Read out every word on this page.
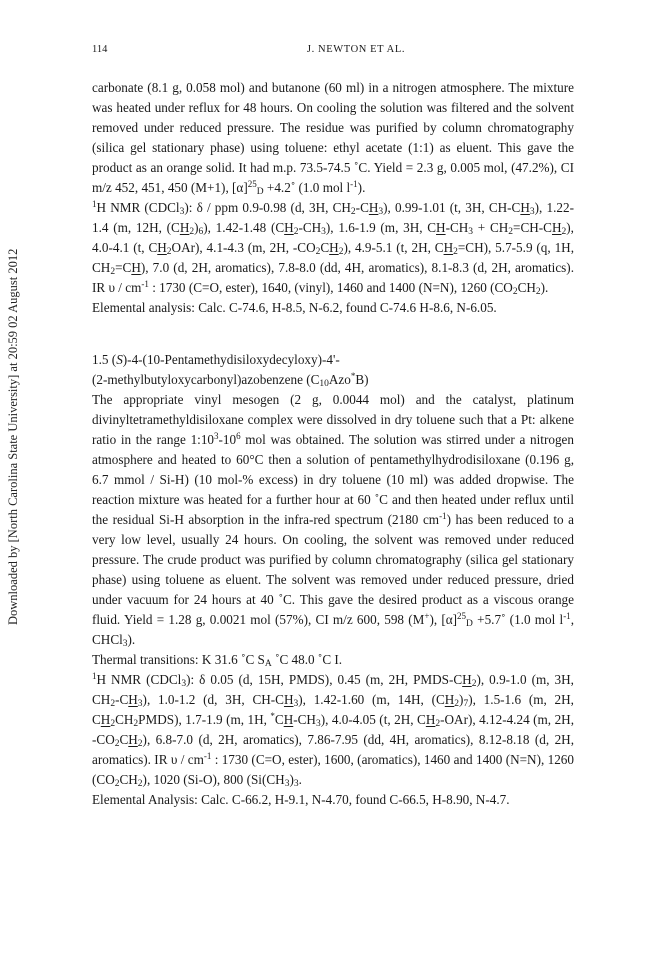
114	J. NEWTON ET AL.
Downloaded by [North Carolina State University] at 20:59 02 August 2012

carbonate (8.1 g, 0.058 mol) and butanone (60 ml) in a nitrogen atmosphere. The mixture was heated under reflux for 48 hours. On cooling the solution was filtered and the solvent removed under reduced pressure. The residue was purified by column chromatography (silica gel stationary phase) using toluene: ethyl acetate (1:1) as eluent. This gave the product as an orange solid. It had m.p. 73.5-74.5 ˚C. Yield = 2.3 g, 0.005 mol, (47.2%), CI m/z 452, 451, 450 (M+1), $[\alpha]^{25}_D$ +4.2˚ (1.0 mol $l^{-1}$).

$^1$H NMR (CDCl$_3$): δ / ppm 0.9-0.98 (d, 3H, $CH_2-CH_3$), 0.99-1.01 (t, 3H, $CH-CH_3$), 1.22-1.4 (m, 12H, $(CH_2)_6$), 1.42-1.48 $(CH_2-CH_3)$, 1.6-1.9 (m, 3H, $CH-CH_3 + CH_2=CH-CH_2$), 4.0-4.1 (t, $CH_2OAr$), 4.1-4.3 (m, 2H, $-CO_2CH_2$), 4.9-5.1 (t, 2H, $CH_2=CH$), 5.7-5.9 (q, 1H, $CH_2=CH$), 7.0 (d, 2H, aromatics), 7.8-8.0 (dd, 4H, aromatics), 8.1-8.3 (d, 2H, aromatics). IR υ / $cm^{-1}$ : 1730 (C=O, ester), 1640, (vinyl), 1460 and 1400 (N=N), 1260 $(CO_2CH_2)$.

Elemental analysis: Calc. C-74.6, H-8.5, N-6.2, found C-74.6 H-8.6, N-6.05.

1.5 (S)-4-(10-Pentamethydisiloxydecyloxy)-4'-
(2-methylbutyloxycarbonyl)azobenzene $(C_{10}Azo^*B)$

The appropriate vinyl mesogen (2 g, 0.0044 mol) and the catalyst, platinum divinyltetramethyldisiloxane complex were dissolved in dry toluene such that a Pt: alkene ratio in the range $1:10^3-10^6$ mol was obtained. The solution was stirred under a nitrogen atmosphere and heated to 60°C then a solution of pentamethylhydrodisiloxane (0.196 g, 6.7 mmol / Si-H) (10 mol-% excess) in dry toluene (10 ml) was added dropwise. The reaction mixture was heated for a further hour at 60 ˚C and then heated under reflux until the residual Si-H absorption in the infra-red spectrum (2180 $cm^{-1}$) has been reduced to a very low level, usually 24 hours. On cooling, the solvent was removed under reduced pressure. The crude product was purified by column chromatography (silica gel stationary phase) using toluene as eluent. The solvent was removed under reduced pressure, dried under vacuum for 24 hours at 40 ˚C. This gave the desired product as a viscous orange fluid. Yield = 1.28 g, 0.0021 mol (57%), CI m/z 600, 598 (M+), $[\alpha]^{25}_D$ +5.7˚ (1.0 mol $l^{-1}$, CHCl$_3$).

Thermal transitions: K 31.6 ˚C $S_A$ ˚C 48.0 ˚C I.

$^1$H NMR (CDCl$_3$): δ 0.05 (d, 15H, PMDS), 0.45 (m, 2H, PMDS-$CH_2$), 0.9-1.0 (m, 3H, $CH_2-CH_3$), 1.0-1.2 (d, 3H, $CH-CH_3$), 1.42-1.60 (m, 14H, $(CH_2)_7$), 1.5-1.6 (m, 2H, $CH_2CH_2PMDS$), 1.7-1.9 (m, 1H, $^*CH-CH_3$), 4.0-4.05 (t, 2H, $CH_2-OAr$), 4.12-4.24 (m, 2H, $-CO_2CH_2$), 6.8-7.0 (d, 2H, aromatics), 7.86-7.95 (dd, 4H, aromatics), 8.12-8.18 (d, 2H, aromatics). IR υ / $cm^{-1}$ : 1730 (C=O, ester), 1600, (aromatics), 1460 and 1400 (N=N), 1260 $(CO_2CH_2)$, 1020 (Si-O), 800 ($Si(CH_3)_3$.

Elemental Analysis: Calc. C-66.2, H-9.1, N-4.70, found C-66.5, H-8.90, N-4.7.
